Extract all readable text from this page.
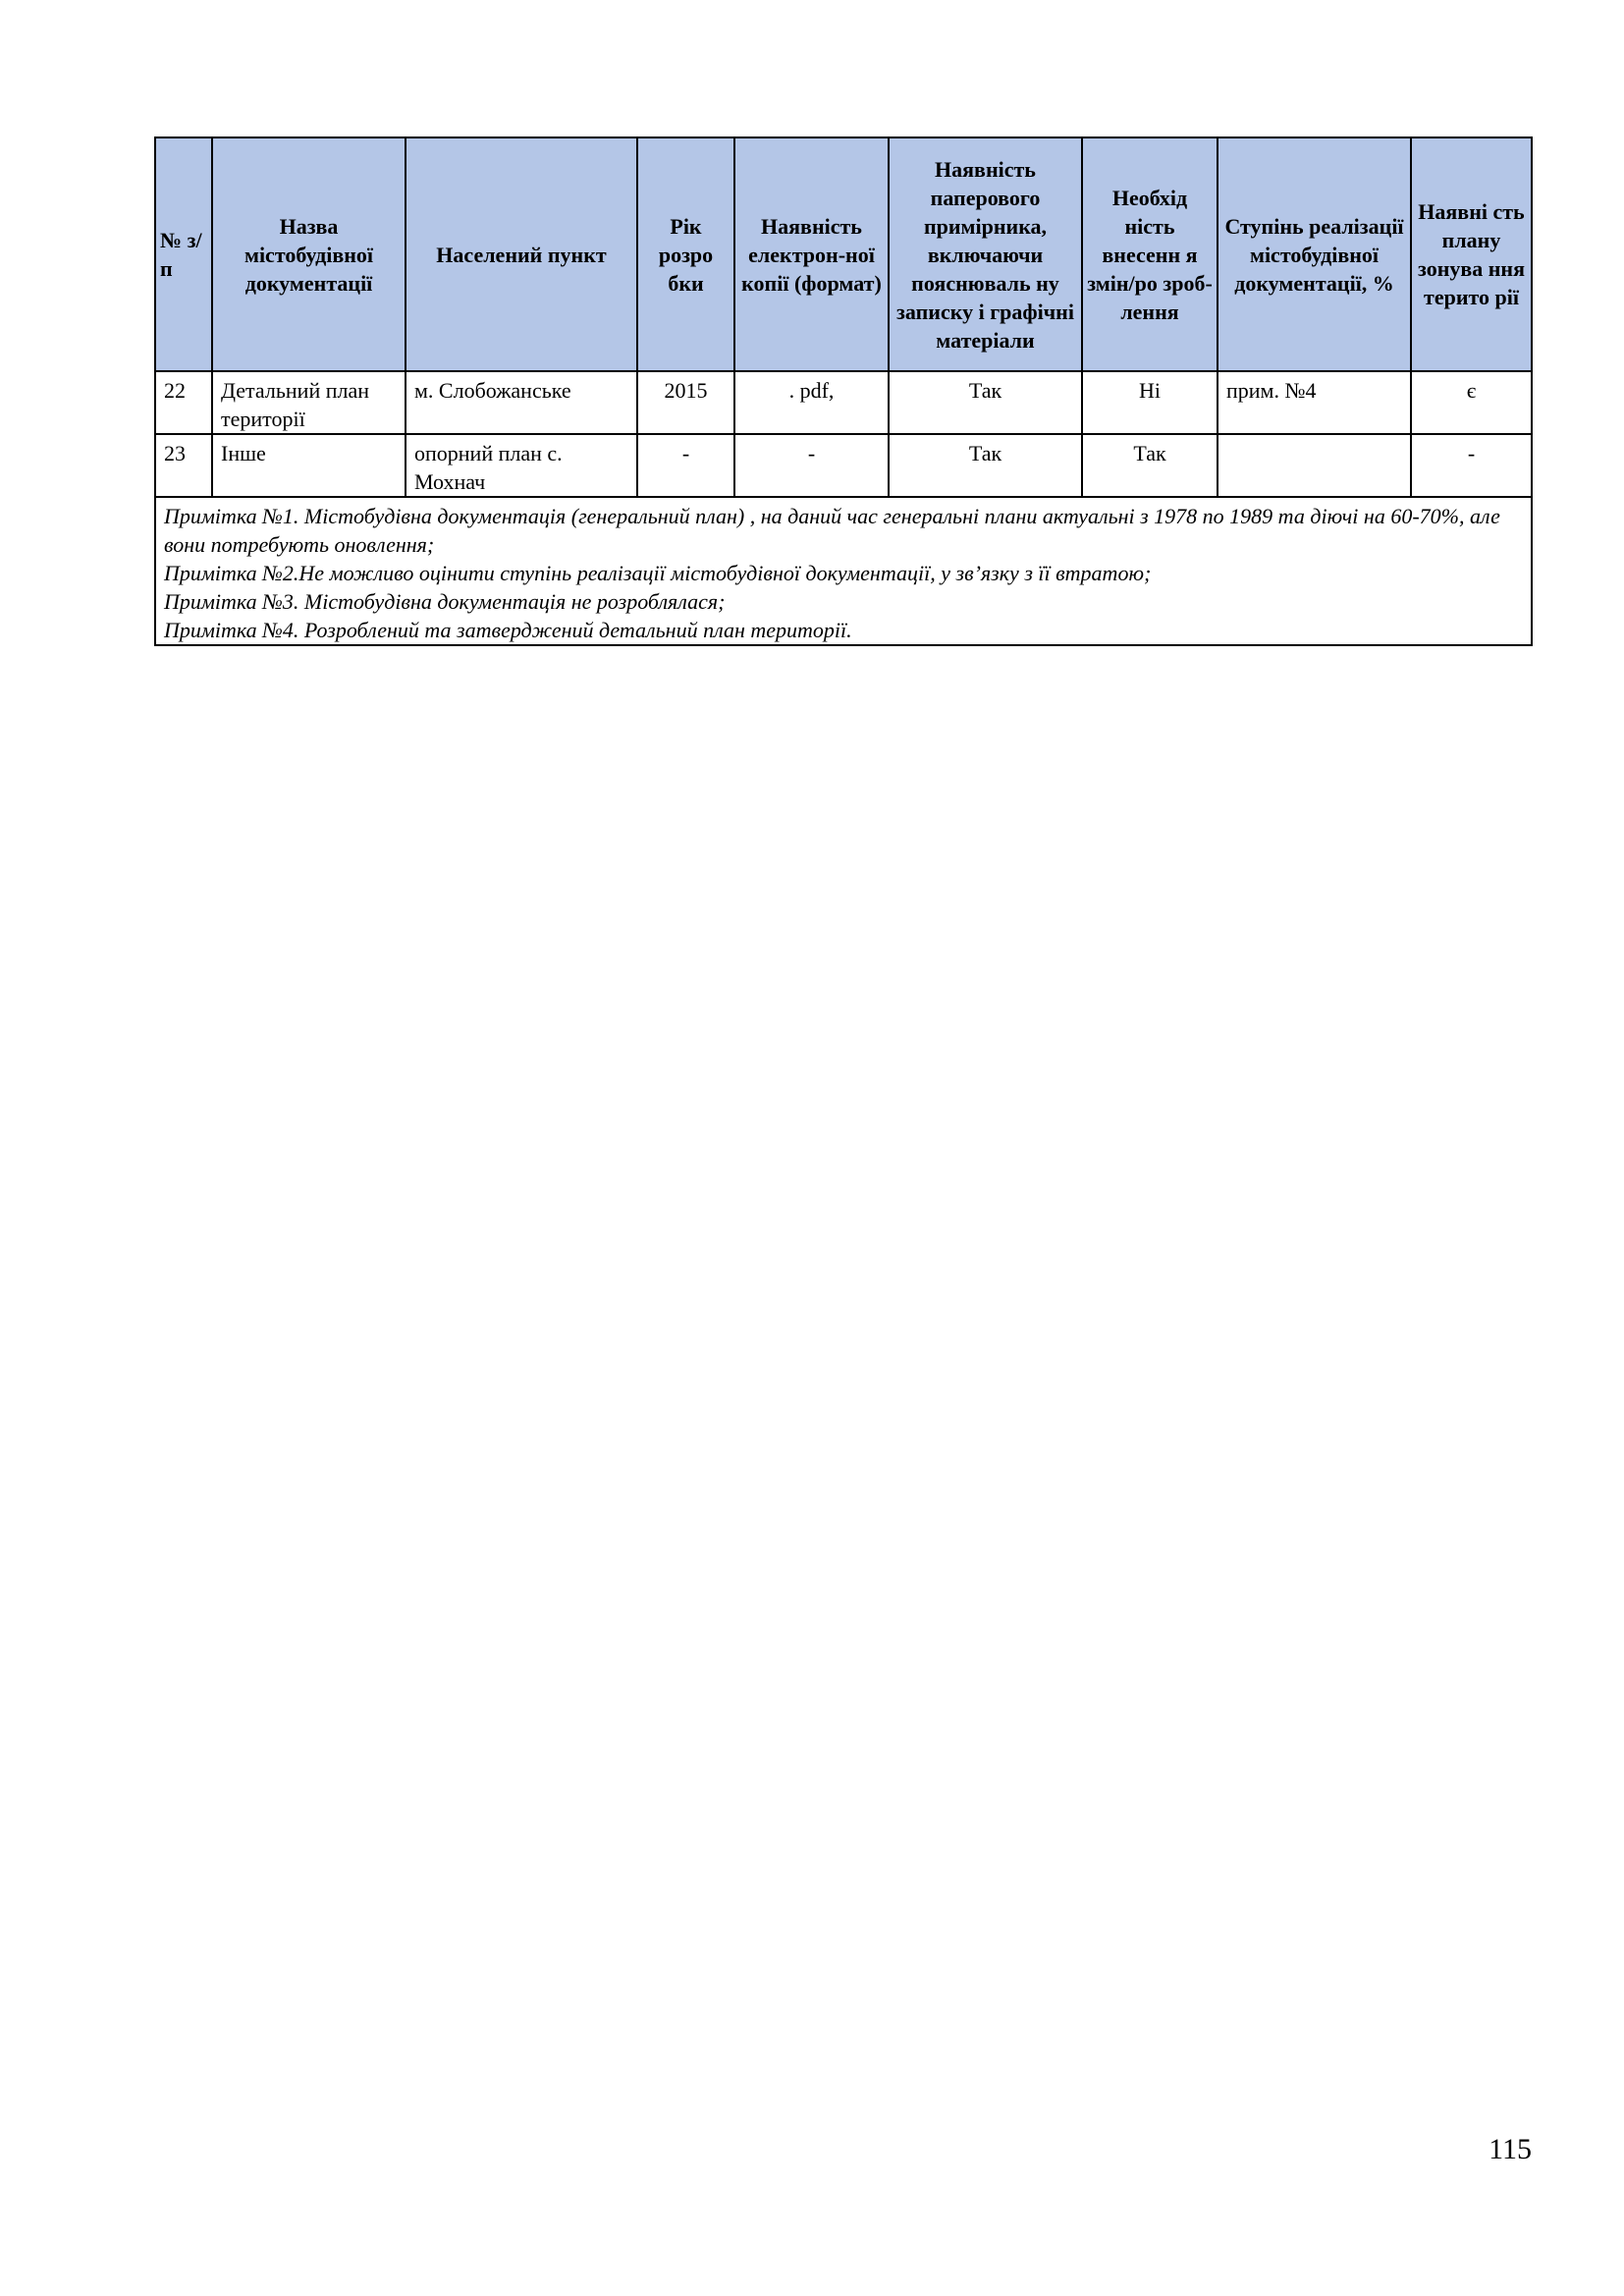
№ з/п	Назва містобудівної документації	Населений пункт	Рік розро бки	Наявність електрон-ної копії (формат)	Наявність паперового примірника, включаючи пояснюваль ну записку і графічні матеріали	Необхід ність внесенн я змін/ро зроб-лення	Ступінь реалізації містобудівної документації, %	Наявні сть плану зонува ння терито рії
22	Детальний план території	м. Слобожанське	2015	. pdf,	Так	Ні	прим. №4	є
23	Інше	опорний план с. Мохнач	-	-	Так	Так		-

Примітка №1. Містобудівна документація (генеральний план) , на даний час генеральні плани актуальні з 1978 по 1989 та діючі на 60-70%, але вони потребують оновлення;
Примітка №2.Не можливо оцінити ступінь реалізації містобудівної документації, у зв’язку з її втратою;
Примітка №3. Містобудівна документація не розроблялася;
Примітка №4. Розроблений та затверджений детальний план території.								
115
